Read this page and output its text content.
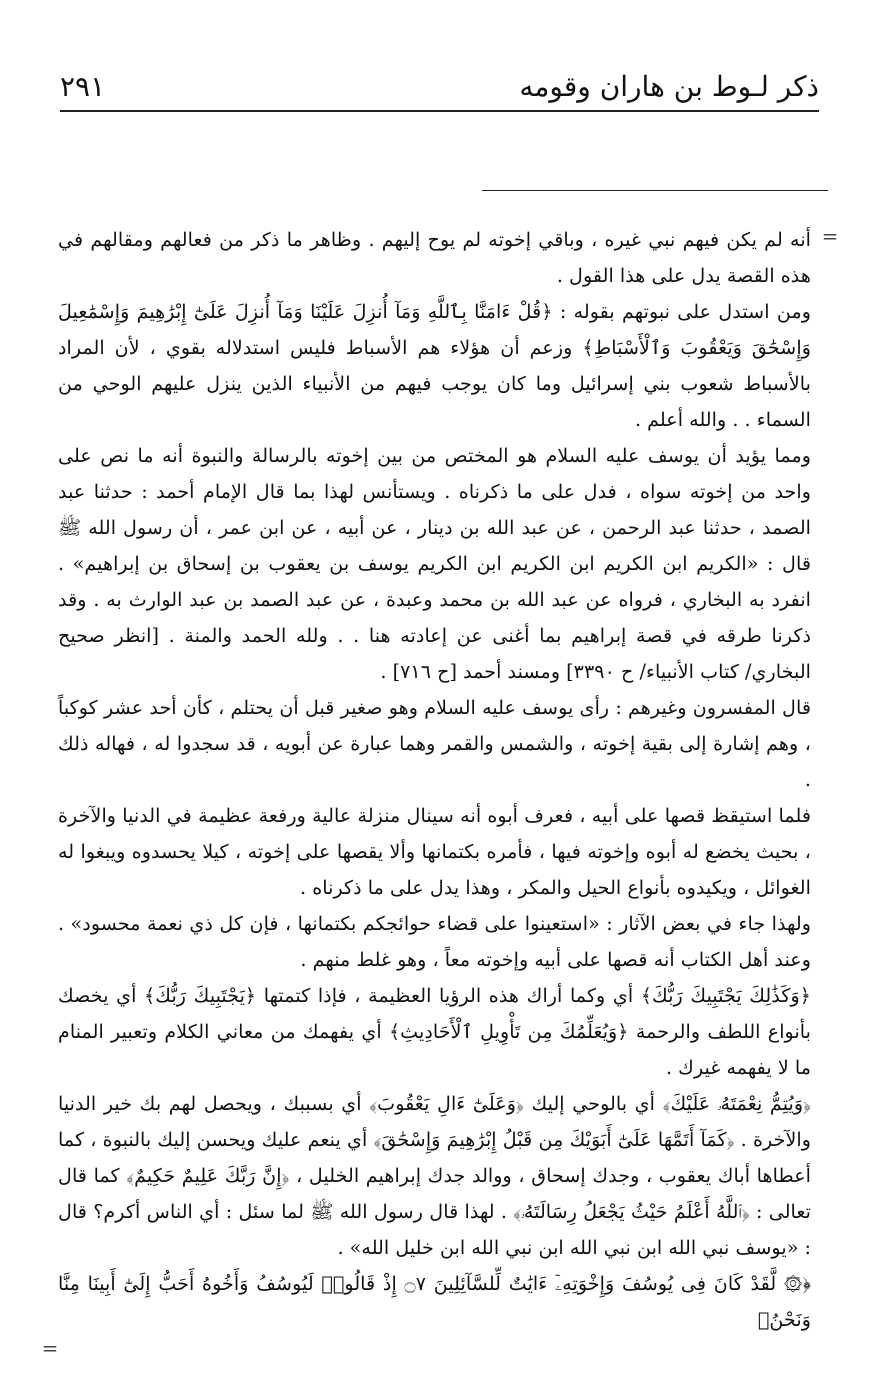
ذكر لـوط بن هاران وقومه
٢٩١
=
=

أنه لم يكن فيهم نبي غيره ، وباقي إخوته لم يوح إليهم . وظاهر ما ذكر من فعالهم ومقالهم في هذه القصة يدل على هذا القول .

ومن استدل على نبوتهم بقوله : ﴿قُلْ ءَامَنَّا بِٱللَّهِ وَمَآ أُنزِلَ عَلَيْنَا وَمَآ أُنزِلَ عَلَىٰٓ إِبْرَٰهِيمَ وَإِسْمَٰعِيلَ وَإِسْحَٰقَ وَيَعْقُوبَ وَٱلْأَسْبَاطِ﴾ وزعم أن هؤلاء هم الأسباط فليس استدلاله بقوي ، لأن المراد بالأسباط شعوب بني إسرائيل وما كان يوجب فيهم من الأنبياء الذين ينزل عليهم الوحي من السماء . . والله أعلم .

ومما يؤيد أن يوسف عليه السلام هو المختص من بين إخوته بالرسالة والنبوة أنه ما نص على واحد من إخوته سواه ، فدل على ما ذكرناه . ويستأنس لهذا بما قال الإمام أحمد : حدثنا عبد الصمد ، حدثنا عبد الرحمن ، عن عبد الله بن دينار ، عن أبيه ، عن ابن عمر ، أن رسول الله ﷺ قال : «الكريم ابن الكريم ابن الكريم ابن الكريم يوسف بن يعقوب بن إسحاق بن إبراهيم» . انفرد به البخاري ، فرواه عن عبد الله بن محمد وعبدة ، عن عبد الصمد بن عبد الوارث به . وقد ذكرنا طرقه في قصة إبراهيم بما أغنى عن إعادته هنا . . ولله الحمد والمنة . [انظر صحيح البخاري/ كتاب الأنبياء/ ح ٣٣٩٠] ومسند أحمد [ح ٧١٦] .

قال المفسرون وغيرهم : رأى يوسف عليه السلام وهو صغير قبل أن يحتلم ، كأن أحد عشر كوكباً ، وهم إشارة إلى بقية إخوته ، والشمس والقمر وهما عبارة عن أبويه ، قد سجدوا له ، فهاله ذلك .

فلما استيقظ قصها على أبيه ، فعرف أبوه أنه سينال منزلة عالية ورفعة عظيمة في الدنيا والآخرة ، بحيث يخضع له أبوه وإخوته فيها ، فأمره بكتمانها وألا يقصها على إخوته ، كيلا يحسدوه ويبغوا له الغوائل ، ويكيدوه بأنواع الحيل والمكر ، وهذا يدل على ما ذكرناه .

ولهذا جاء في بعض الآثار : «استعينوا على قضاء حوائجكم بكتمانها ، فإن كل ذي نعمة محسود» . وعند أهل الكتاب أنه قصها على أبيه وإخوته معاً ، وهو غلط منهم .

﴿وَكَذَٰلِكَ يَجْتَبِيكَ رَبُّكَ﴾ أي وكما أراك هذه الرؤيا العظيمة ، فإذا كتمتها ﴿يَجْتَبِيكَ رَبُّكَ﴾ أي يخصك بأنواع اللطف والرحمة ﴿وَيُعَلِّمُكَ مِن تَأْوِيلِ ٱلْأَحَادِيثِ﴾ أي يفهمك من معاني الكلام وتعبير المنام ما لا يفهمه غيرك .

﴿وَيُتِمُّ نِعْمَتَهُۥ عَلَيْكَ﴾ أي بالوحي إليك ﴿وَعَلَىٰٓ ءَالِ يَعْقُوبَ﴾ أي بسببك ، ويحصل لهم بك خير الدنيا والآخرة . ﴿كَمَآ أَتَمَّهَا عَلَىٰٓ أَبَوَيْكَ مِن قَبْلُ إِبْرَٰهِيمَ وَإِسْحَٰقَ﴾ أي ينعم عليك ويحسن إليك بالنبوة ، كما أعطاها أباك يعقوب ، وجدك إسحاق ، ووالد جدك إبراهيم الخليل ، ﴿إِنَّ رَبَّكَ عَلِيمٌ حَكِيمٌ﴾ كما قال تعالى : ﴿ٱللَّهُ أَعْلَمُ حَيْثُ يَجْعَلُ رِسَالَتَهُۥ﴾ . لهذا قال رسول الله ﷺ لما سئل : أي الناس أكرم؟ قال : «يوسف نبي الله ابن نبي الله ابن نبي الله ابن خليل الله» .

﴿۞ لَّقَدْ كَانَ فِى يُوسُفَ وَإِخْوَتِهِۦٓ ءَايَٰتٌ لِّلسَّآئِلِينَ ۝٧ إِذْ قَالُوا۟ لَيُوسُفُ وَأَخُوهُ أَحَبُّ إِلَىٰٓ أَبِينَا مِنَّا وَنَحْنُ﴾
